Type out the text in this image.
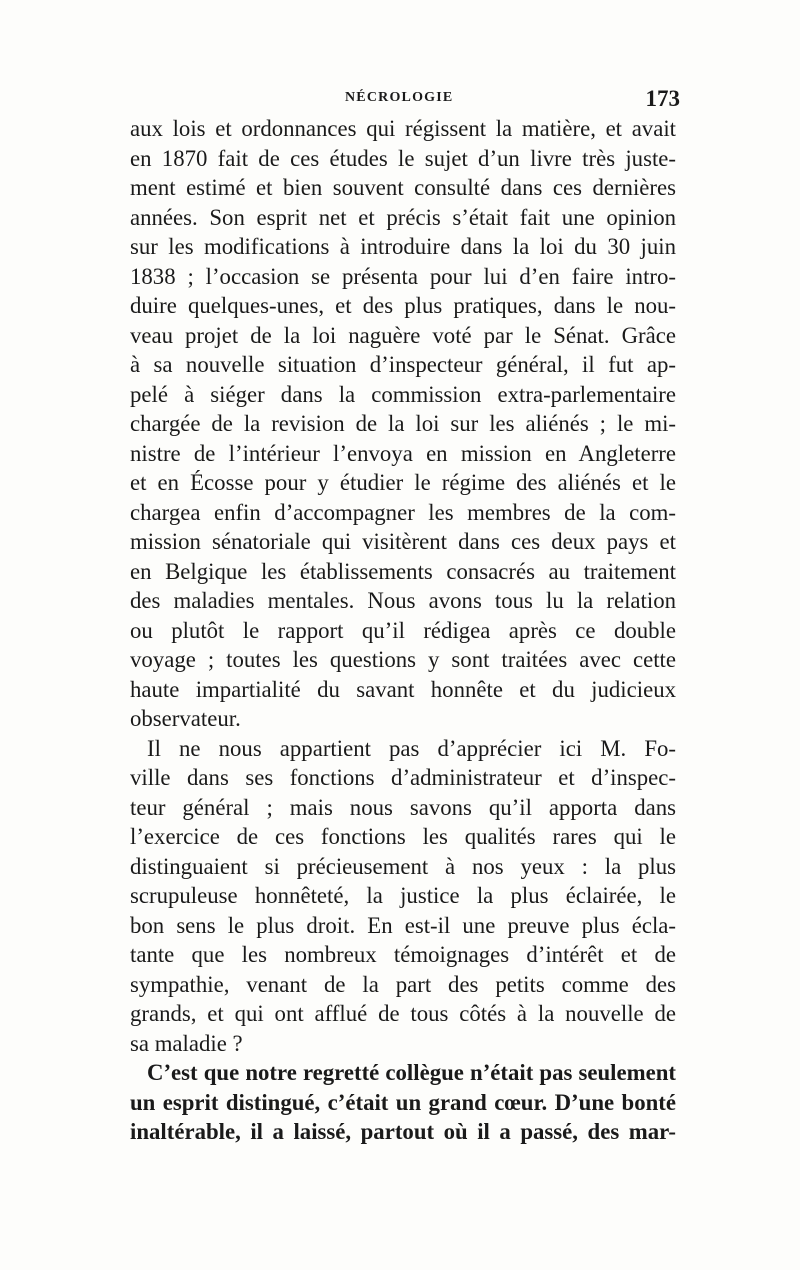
NÉCROLOGIE	173
aux lois et ordonnances qui régissent la matière, et avait
en 1870 fait de ces études le sujet d’un livre très juste-
ment estimé et bien souvent consulté dans ces dernières
années. Son esprit net et précis s’était fait une opinion
sur les modifications à introduire dans la loi du 30 juin
1838 ; l’occasion se présenta pour lui d’en faire intro-
duire quelques-unes, et des plus pratiques, dans le nou-
veau projet de la loi naguère voté par le Sénat. Grâce
à sa nouvelle situation d’inspecteur général, il fut ap-
pelé à siéger dans la commission extra-parlementaire
chargée de la revision de la loi sur les aliénés ; le mi-
nistre de l’intérieur l’envoya en mission en Angleterre
et en Écosse pour y étudier le régime des aliénés et le
chargea enfin d’accompagner les membres de la com-
mission sénatoriale qui visitèrent dans ces deux pays et
en Belgique les établissements consacrés au traitement
des maladies mentales. Nous avons tous lu la relation
ou plutôt le rapport qu’il rédigea après ce double
voyage ; toutes les questions y sont traitées avec cette
haute impartialité du savant honnête et du judicieux
observateur.
Il ne nous appartient pas d’apprécier ici M. Fo-
ville dans ses fonctions d’administrateur et d’inspec-
teur général ; mais nous savons qu’il apporta dans
l’exercice de ces fonctions les qualités rares qui le
distinguaient si précieusement à nos yeux : la plus
scrupuleuse honnêteté, la justice la plus éclairée, le
bon sens le plus droit. En est-il une preuve plus écla-
tante que les nombreux témoignages d’intérêt et de
sympathie, venant de la part des petits comme des
grands, et qui ont afflué de tous côtés à la nouvelle de
sa maladie ?
C’est que notre regretté collègue n’était pas seulement
un esprit distingué, c’était un grand cœur. D’une bonté
inaltérable, il a laissé, partout où il a passé, des mar-
